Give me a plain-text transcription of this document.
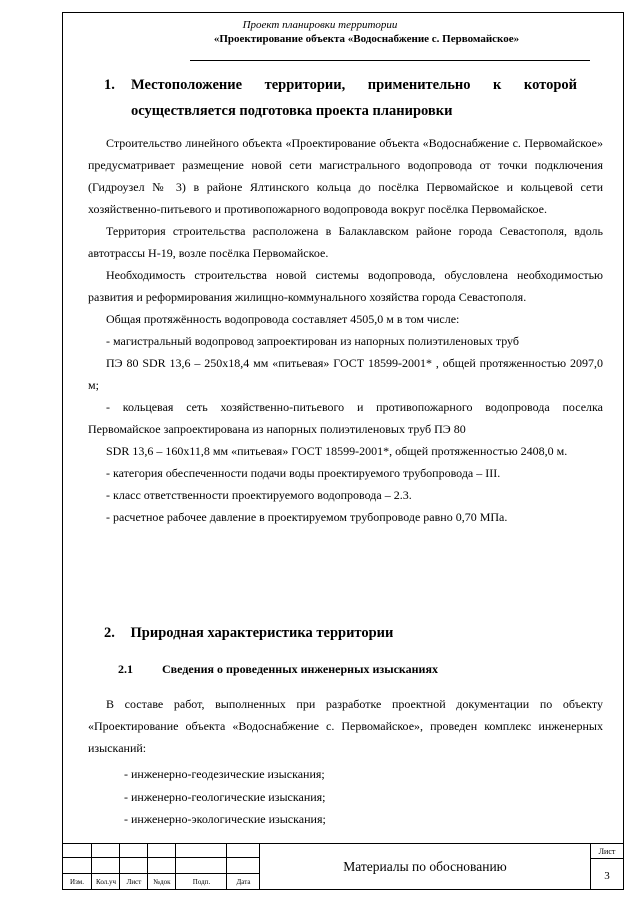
Проект планировки территории
«Проектирование объекта «Водоснабжение с. Первомайское»
1. Местоположение территории, применительно к которой
осуществляется подготовка проекта планировки

Строительство линейного объекта «Проектирование объекта «Водоснабжение с. Первомайское» предусматривает размещение новой сети магистрального водопровода от точки подключения (Гидроузел № 3) в районе Ялтинского кольца до посёлка Первомайское и кольцевой сети хозяйственно-питьевого и противопожарного водопровода вокруг посёлка Первомайское.

Территория строительства расположена в Балаклавском районе города Севастополя, вдоль автотрассы Н-19, возле посёлка Первомайское.

Необходимость строительства новой системы водопровода, обусловлена необходимостью развития и реформирования жилищно-коммунального хозяйства города Севастополя.

Общая протяжённость водопровода составляет 4505,0 м в том числе:

- магистральный водопровод запроектирован из напорных полиэтиленовых труб

ПЭ 80 SDR 13,6 – 250х18,4 мм «питьевая» ГОСТ 18599-2001* , общей протяженностью 2097,0 м;

- кольцевая сеть хозяйственно-питьевого и противопожарного водопровода поселка Первомайское запроектирована из напорных полиэтиленовых труб ПЭ 80

SDR 13,6 – 160х11,8 мм «питьевая» ГОСТ 18599-2001*, общей протяженностью 2408,0 м.

- категория обеспеченности подачи воды проектируемого трубопровода – III.

- класс ответственности проектируемого водопровода – 2.3.

- расчетное рабочее давление в проектируемом трубопроводе равно 0,70 МПа.

2. Природная характеристика территории
2.1 Сведения о проведенных инженерных изысканиях

В составе работ, выполненных при разработке проектной документации по объекту «Проектирование объекта «Водоснабжение с. Первомайское», проведен комплекс инженерных изысканий:

- инженерно-геодезические изыскания;
- инженерно-геологические изыскания;
- инженерно-экологические изыскания;
Изм.	Кол.уч	Лист	№док	Подп.	Дата
Материалы по обоснованию
Лист
3
